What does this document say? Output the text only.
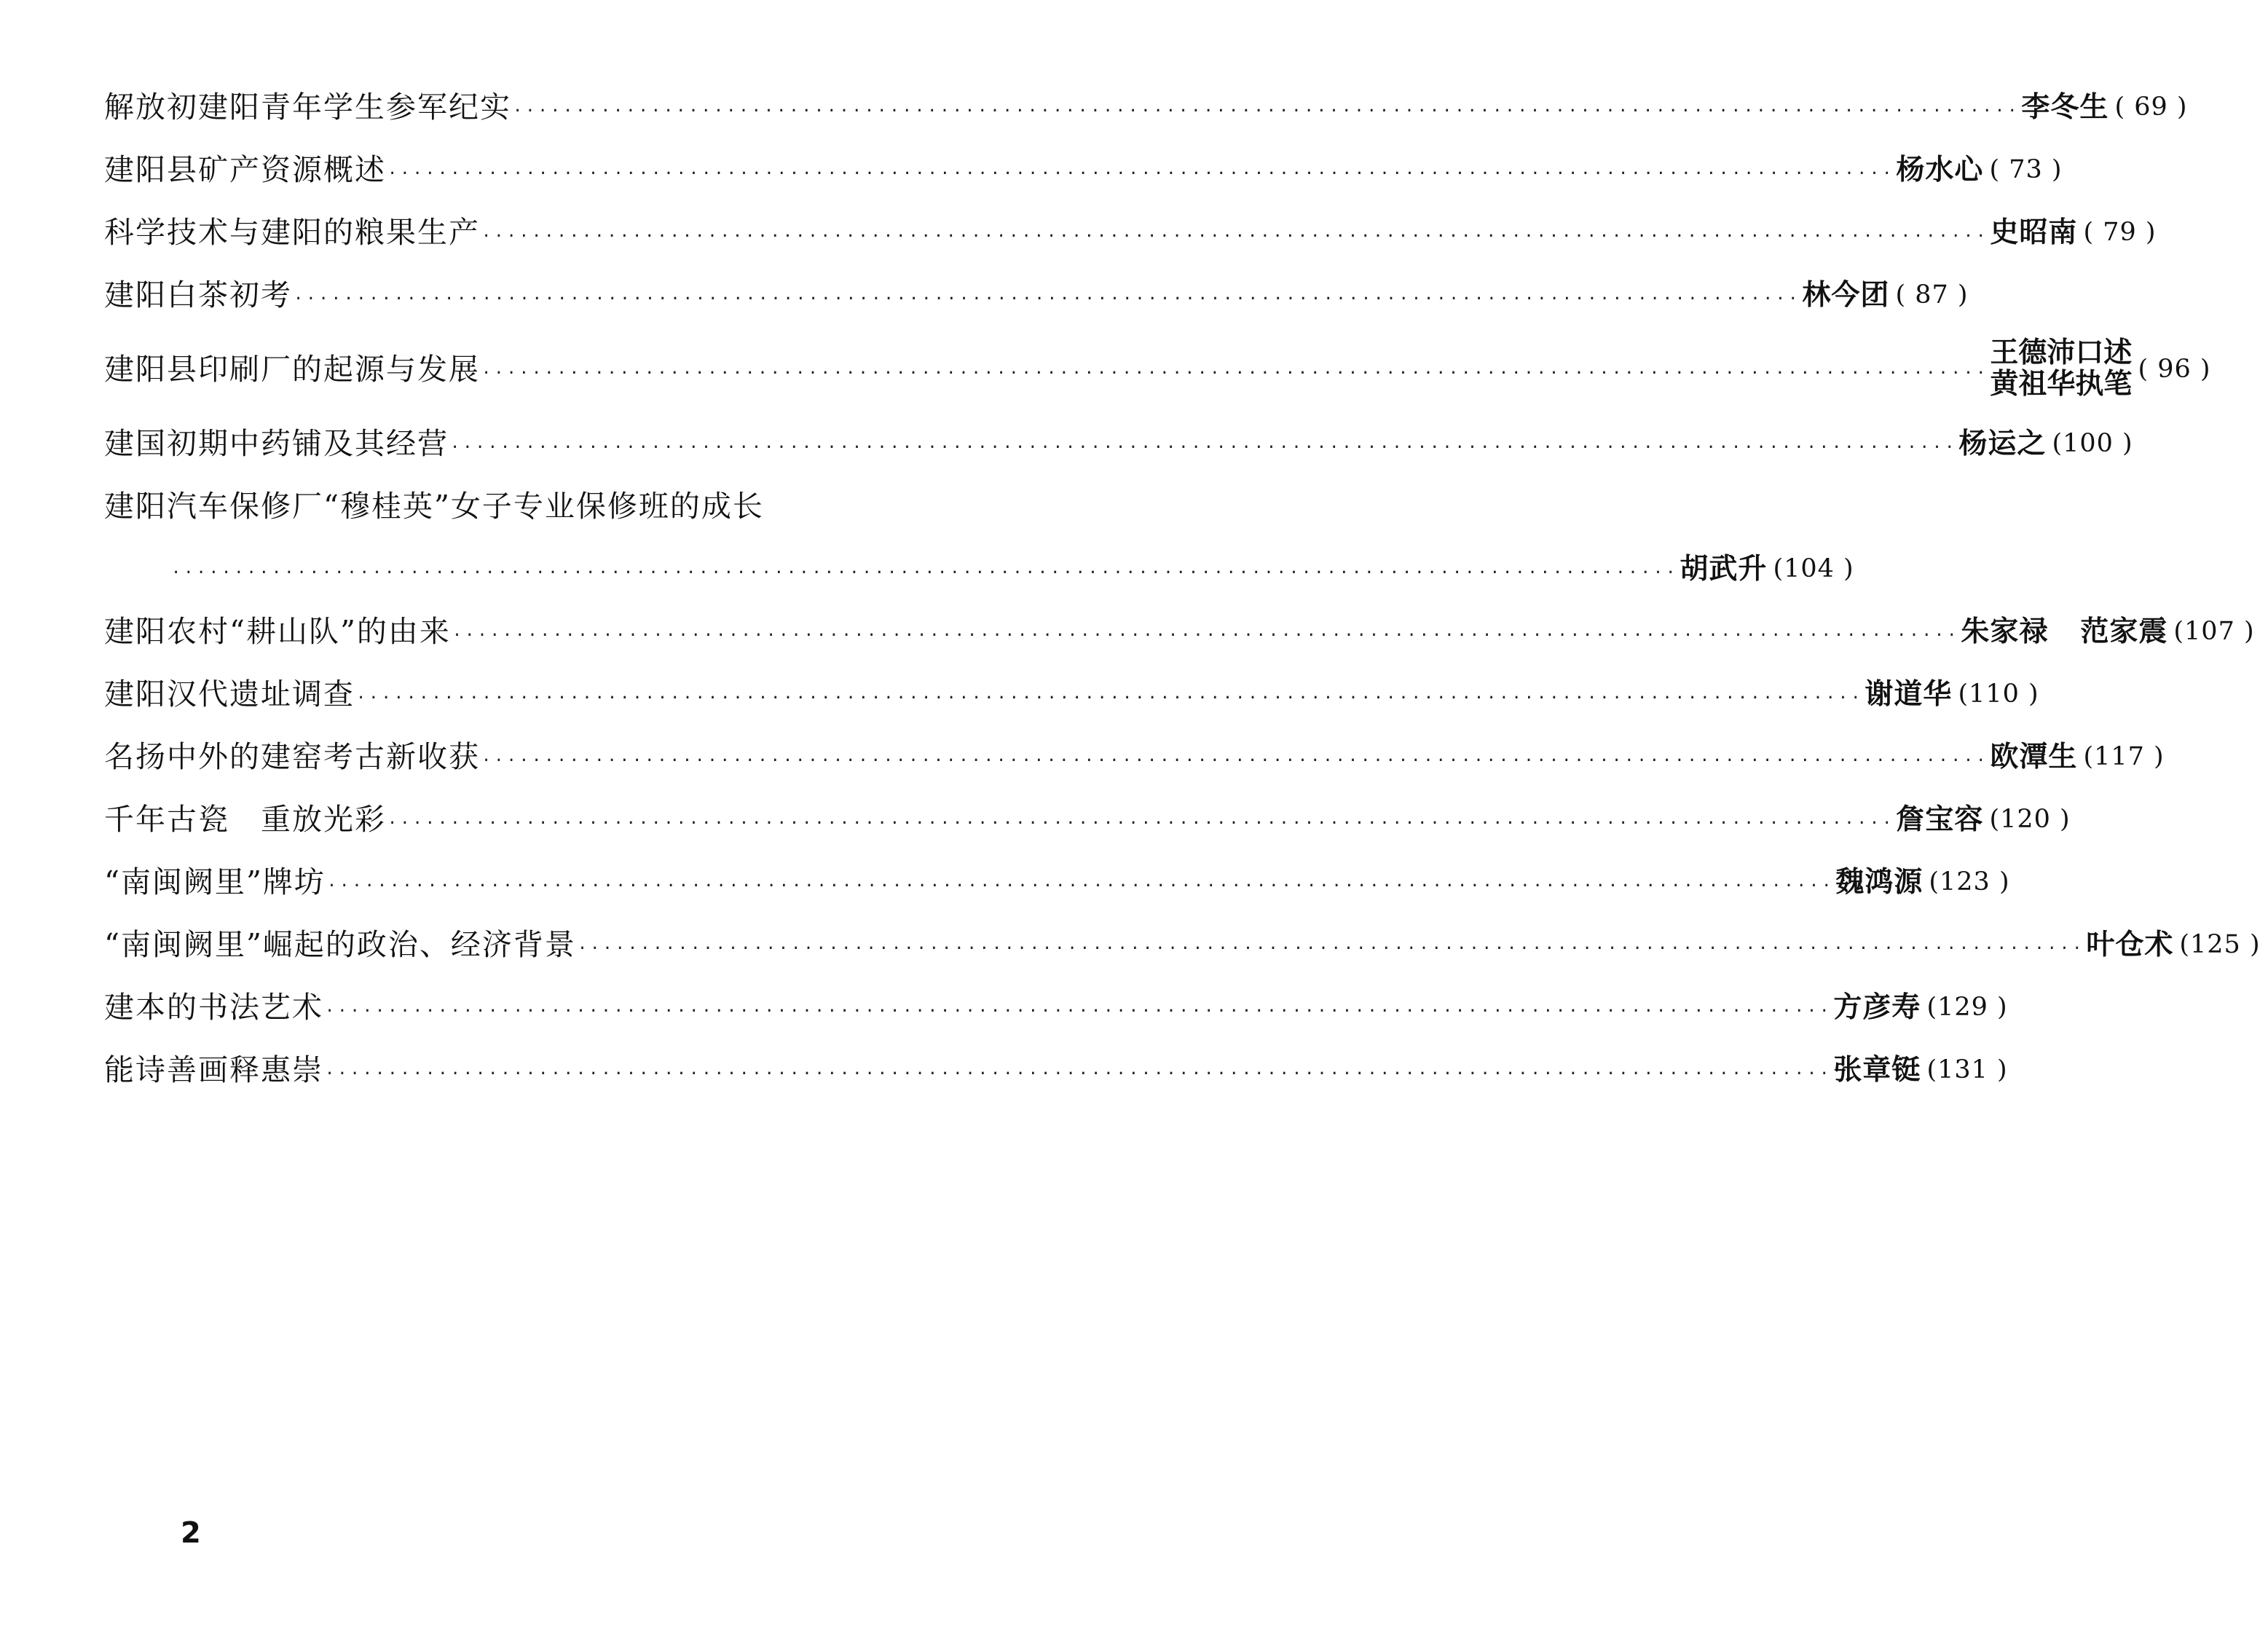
解放初建阳青年学生参军纪实 ························································································································ 李冬生 ( 69 )
建阳县矿产资源概述 ························································································································ 杨水心 ( 73 )
科学技术与建阳的粮果生产 ························································································································ 史昭南 ( 79 )
建阳白茶初考 ························································································································ 林今团 ( 87 )
建阳县印刷厂的起源与发展 ························································································································
王德沛口述
黄祖华执笔 ( 96 )
建国初期中药铺及其经营 ························································································································ 杨运之 (100 )
建阳汽车保修厂“穆桂英”女子专业保修班的成长
························································································································ 胡武升 (104 )
建阳农村“耕山队”的由来 ························································································································ 朱家禄 范家震 (107 )
建阳汉代遗址调查 ························································································································ 谢道华 (110 )
名扬中外的建窑考古新收获 ························································································································ 欧潭生 (117 )
千年古瓷　重放光彩 ························································································································ 詹宝容 (120 )
“南闽阙里”牌坊 ························································································································ 魏鸿源 (123 )
“南闽阙里”崛起的政治、经济背景 ························································································································ 叶仓术 (125 )
建本的书法艺术 ························································································································ 方彦寿 (129 )
能诗善画释惠崇 ························································································································ 张章铤 (131 )
2
